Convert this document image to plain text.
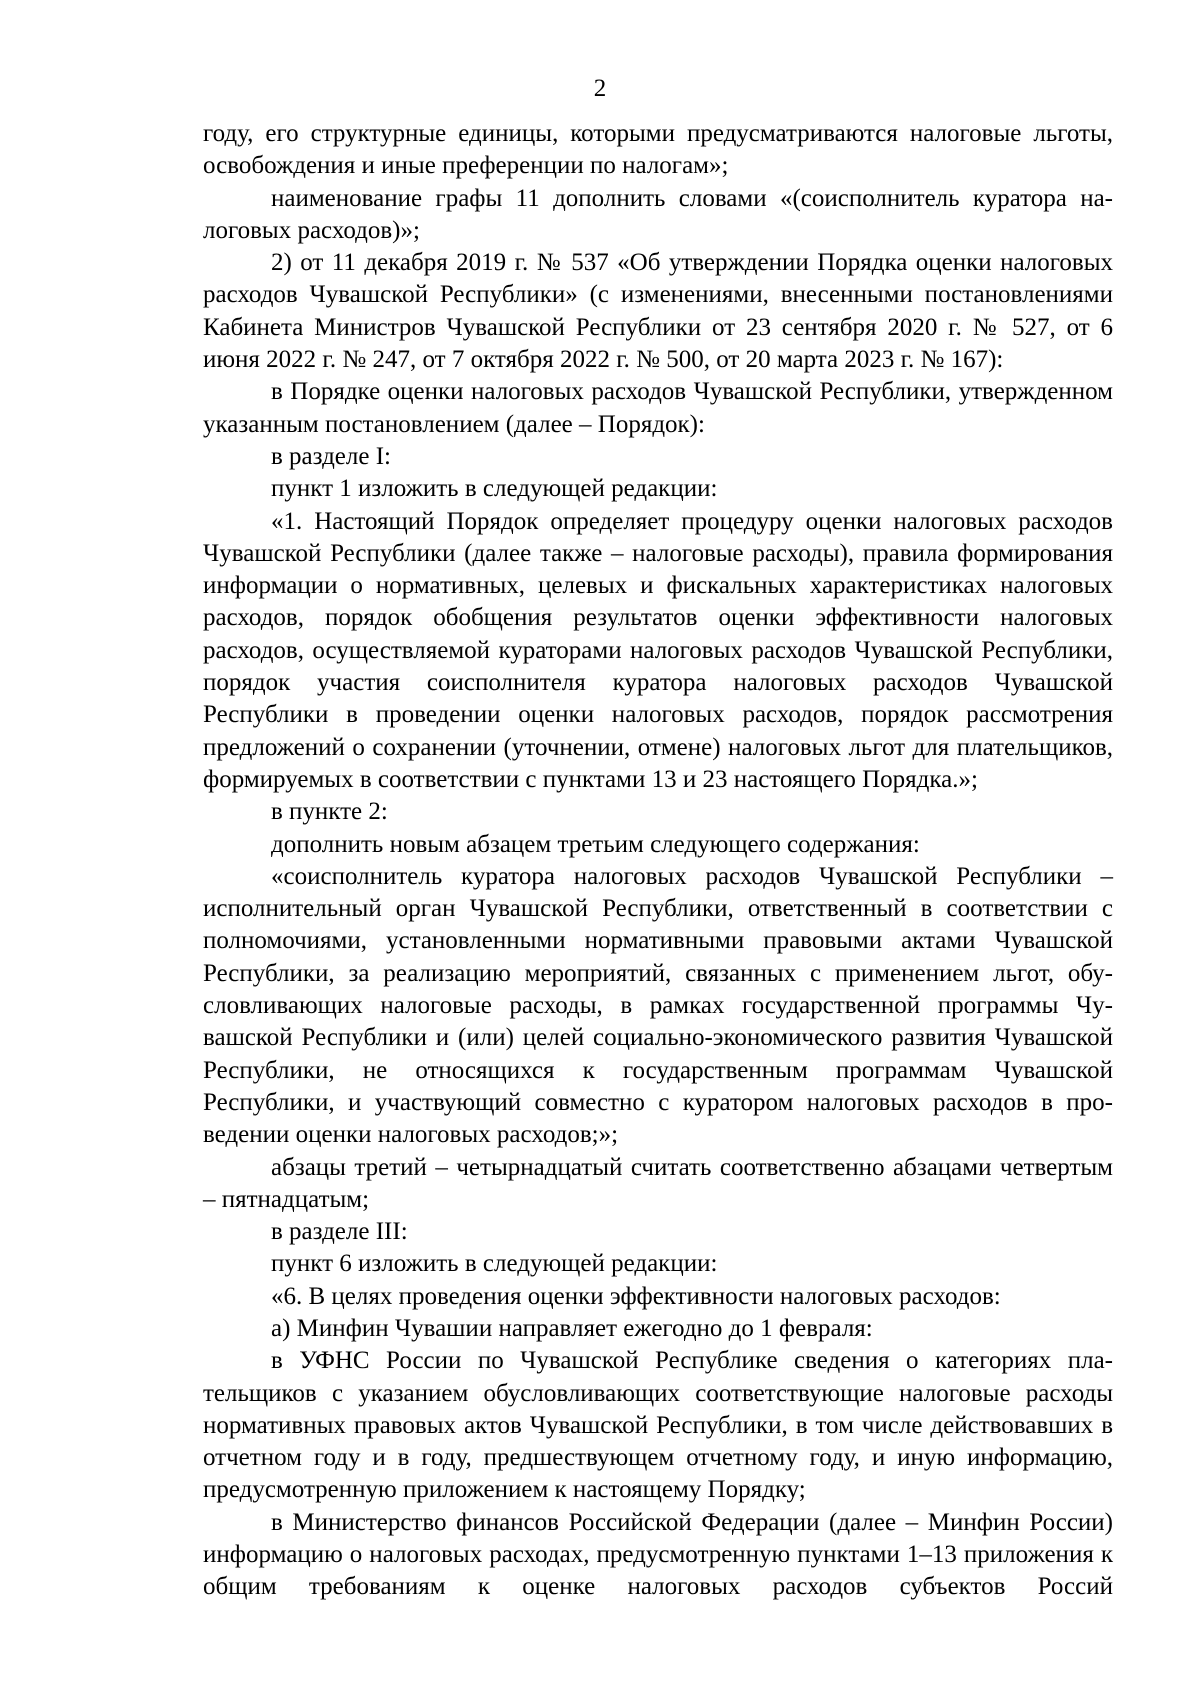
2

году, его структурные единицы, которыми предусматриваются налоговые льготы, освобождения и иные преференции по налогам»;

наименование графы 11 дополнить словами «(соисполнитель куратора налоговых расходов)»;

2) от 11 декабря 2019 г. № 537 «Об утверждении Порядка оценки налоговых расходов Чувашской Республики» (с изменениями, внесенными постановлениями Кабинета Министров Чувашской Республики от 23 сентября 2020 г. № 527, от 6 июня 2022 г. № 247, от 7 октября 2022 г. № 500, от 20 марта 2023 г. № 167):

в Порядке оценки налоговых расходов Чувашской Республики, утвержденном указанным постановлением (далее – Порядок):

в разделе I:

пункт 1 изложить в следующей редакции:

«1. Настоящий Порядок определяет процедуру оценки налоговых расходов Чувашской Республики (далее также – налоговые расходы), правила формирования информации о нормативных, целевых и фискальных характеристиках налоговых расходов, порядок обобщения результатов оценки эффективности налоговых расходов, осуществляемой кураторами налоговых расходов Чувашской Республики, порядок участия соисполнителя куратора налоговых расходов Чувашской Республики в проведении оценки налоговых расходов, порядок рассмотрения предложений о сохранении (уточнении, отмене) налоговых льгот для плательщиков, формируемых в соответствии с пунктами 13 и 23 настоящего Порядка.»;

в пункте 2:

дополнить новым абзацем третьим следующего содержания:

«соисполнитель куратора налоговых расходов Чувашской Республики – исполнительный орган Чувашской Республики, ответственный в соответствии с полномочиями, установленными нормативными правовыми актами Чувашской Республики, за реализацию мероприятий, связанных с применением льгот, обусловливающих налоговые расходы, в рамках государственной программы Чувашской Республики и (или) целей социально-экономического развития Чувашской Республики, не относящихся к государственным программам Чувашской Республики, и участвующий совместно с куратором налоговых расходов в проведении оценки налоговых расходов;»;

абзацы третий – четырнадцатый считать соответственно абзацами четвертым – пятнадцатым;

в разделе III:

пункт 6 изложить в следующей редакции:

«6. В целях проведения оценки эффективности налоговых расходов:

а) Минфин Чувашии направляет ежегодно до 1 февраля:

в УФНС России по Чувашской Республике сведения о категориях плательщиков с указанием обусловливающих соответствующие налоговые расходы нормативных правовых актов Чувашской Республики, в том числе действовавших в отчетном году и в году, предшествующем отчетному году, и иную информацию, предусмотренную приложением к настоящему Порядку;

в Министерство финансов Российской Федерации (далее – Минфин России) информацию о налоговых расходах, предусмотренную пунктами 1–13 приложения к общим требованиям к оценке налоговых расходов субъектов Россий
